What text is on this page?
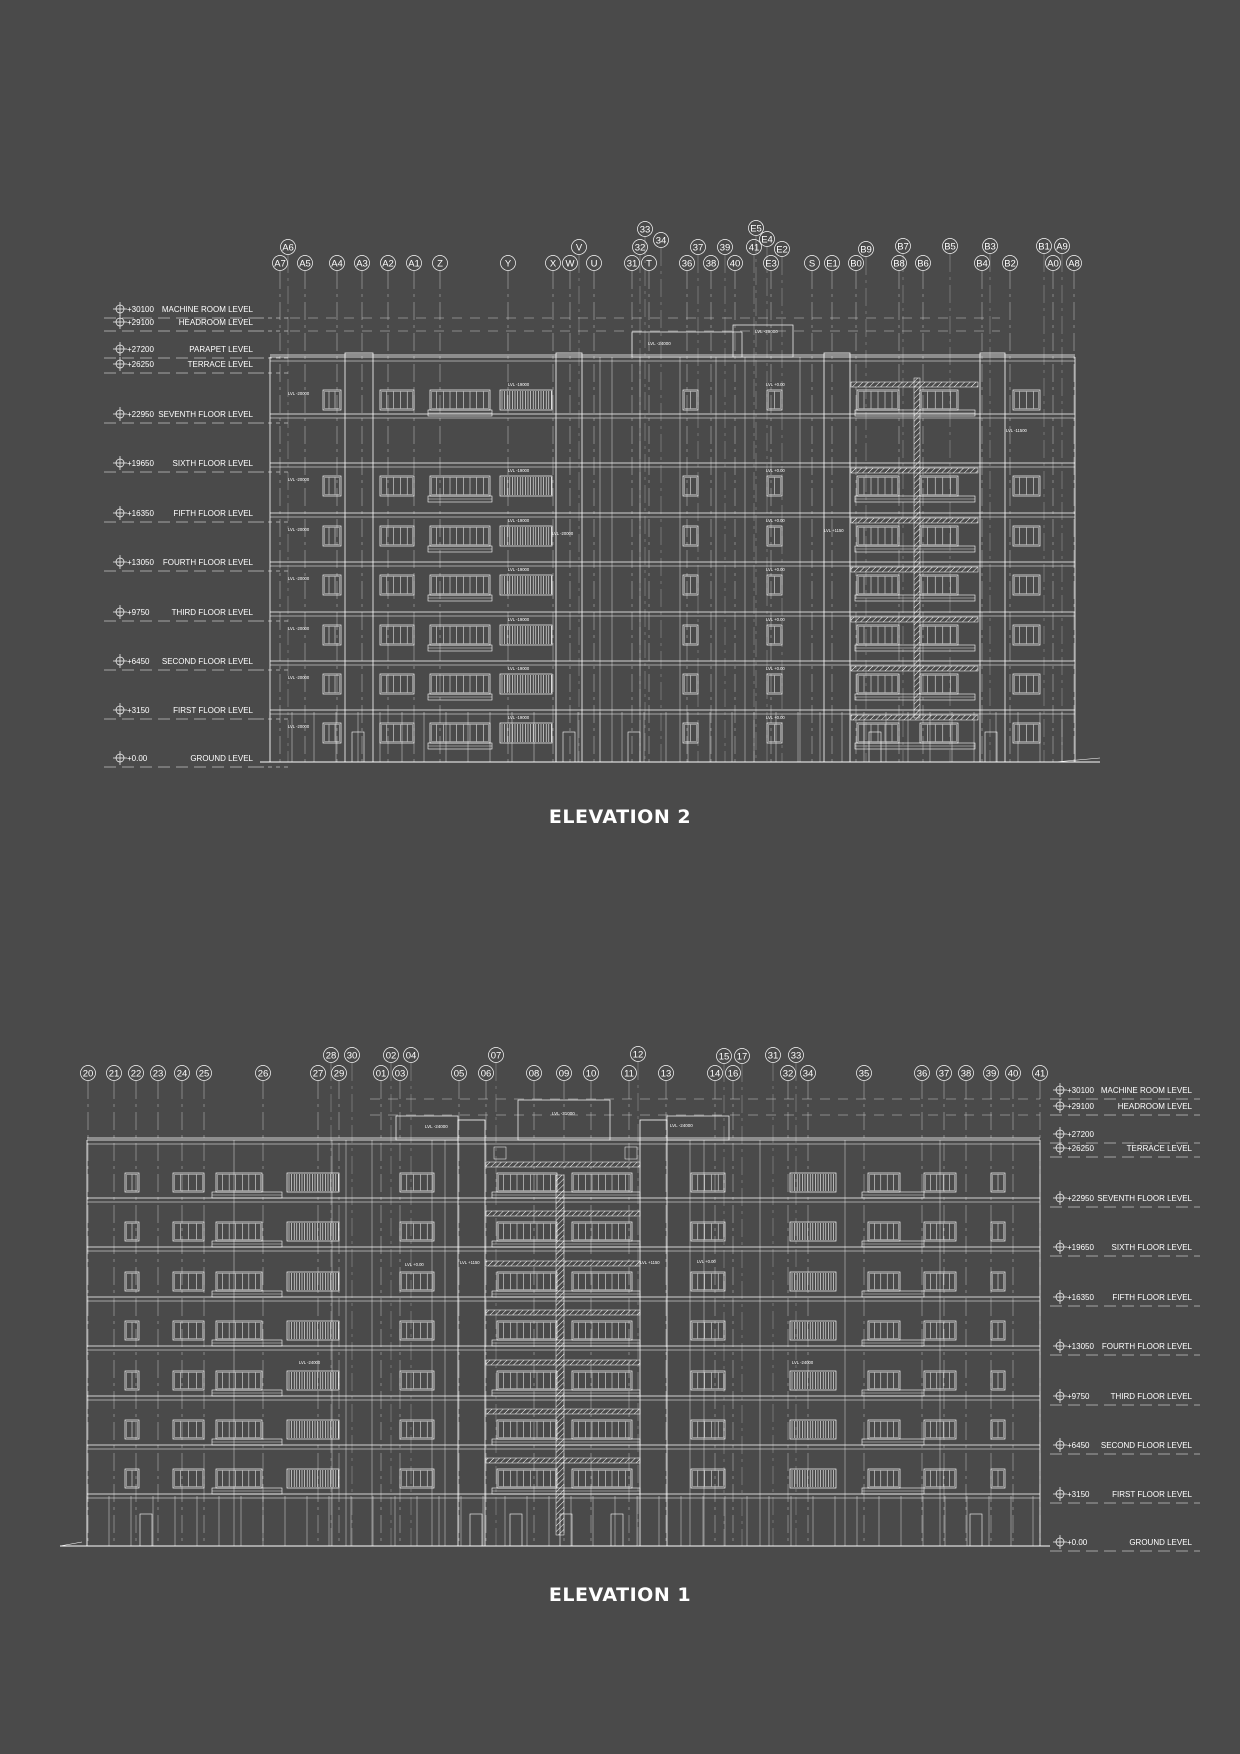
+30100 MACHINE ROOM LEVEL
+29100	HEADROOM LEVEL
+27200	PARAPET LEVEL
+26250	TERRACE LEVEL
+22950 SEVENTH FLOOR LEVEL
+19650 SIXTH FLOOR LEVEL
+16350 FIFTH FLOOR LEVEL
+13050 FOURTH FLOOR LEVEL
+9750	THIRD FLOOR LEVEL
+6450 SECOND FLOOR LEVEL
+3150	FIRST FLOOR LEVEL
+0.00	GROUND LEVEL
LVL -24000
LVL -29000
A7 A5 A4 A3 A2 A1 Z	Y	X W U	31 T	36 38 40	E3	S E1 B0	B8 B6	B4 B2	A0 A8
A6	V
33
32
34
37 39 41
E5
E4
E2	B9	B7	B5	B3	B1 A9
LVL -20000
LVL -19000	LVL +0.00
LVL -20000
LVL -19000	LVL +0.00
LVL -20000
LVL -19000	LVL +0.00
LVL -20000
LVL -19000	LVL +0.00
LVL -20000
LVL -19000	LVL +0.00
LVL -20000
LVL -19000	LVL +0.00
LVL -20000
LVL -19000	LVL +0.00
LVL -20000
LVL +1150
LVL -11500
+30100 MACHINE ROOM LEVEL
+29100	HEADROOM LEVEL
+27200
+26250	TERRACE LEVEL
+22950 SEVENTH FLOOR LEVEL
+19650 SIXTH FLOOR LEVEL
+16350 FIFTH FLOOR LEVEL
+13050 FOURTH FLOOR LEVEL
+9750	THIRD FLOOR LEVEL
+6450 SECOND FLOOR LEVEL
+3150	FIRST FLOOR LEVEL
+0.00	GROUND LEVEL
LVL -24000
LVL -31000
LVL -24000
20 21 22 23 24 25	26	27 29	01 03	05 06	08 09 10	11	13	14 16	32 34	35	36 37 38 39 40 41
28 30	02 04	07	12	15 17 31 33
LVL +0.00	LVL +1150	LVL +1150	LVL +0.00
LVL -24000	LVL -24000
ELEVATION 2
ELEVATION 1
